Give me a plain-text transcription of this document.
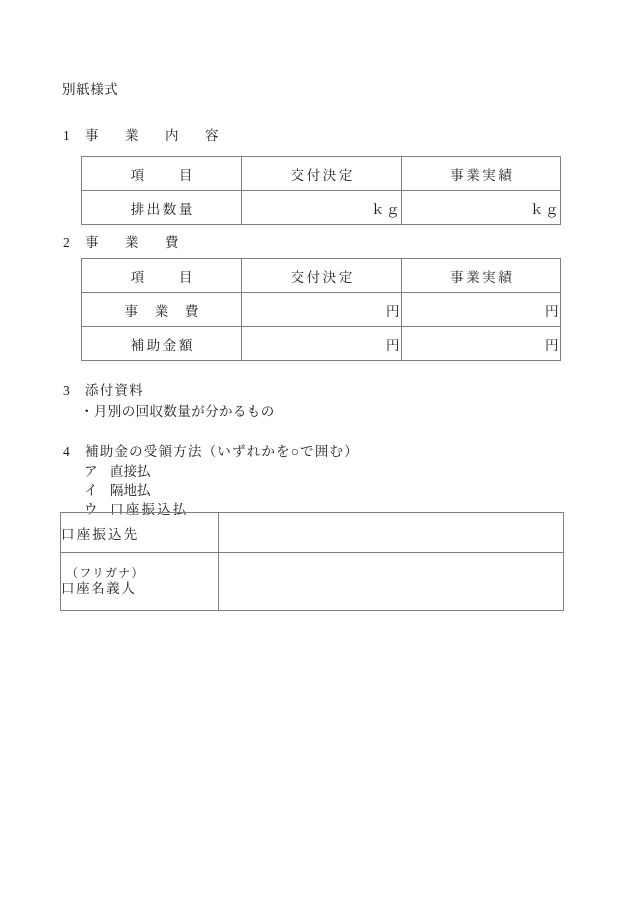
別紙様式
1	事　業　内　容
項　　目	交付決定	事業実績
排出数量	ｋｇ	ｋｇ
2	事　業　費
項　　目	交付決定	事業実績
事　業　費	円	円
補助金額	円	円
3	添付資料
・月別の回収数量が分かるもの
4	補助金の受領方法（いずれかを○で囲む）
ア 直接払
イ 隔地払
ウ 口座振込払
口座振込先	

（フリガナ）
口座名義人	
